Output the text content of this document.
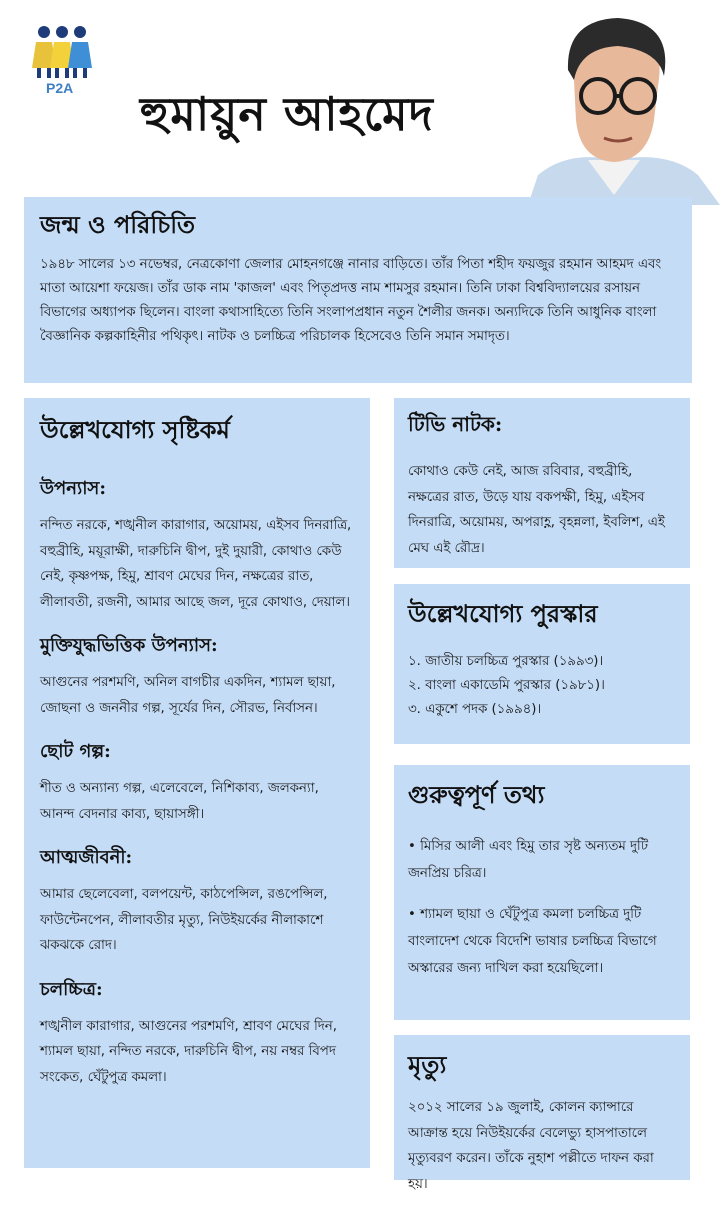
P2A হুমায়ুন আহমেদ
জন্ম ও পরিচিতি

১৯৪৮ সালের ১৩ নভেম্বর, নেত্রকোণা জেলার মোহনগঞ্জে নানার বাড়িতে। তাঁর পিতা শহীদ ফয়জুর রহমান আহমদ এবং মাতা আয়েশা ফয়েজ। তাঁর ডাক নাম 'কাজল' এবং পিতৃপ্রদত্ত নাম শামসুর রহমান। তিনি ঢাকা বিশ্ববিদ্যালয়ের রসায়ন বিভাগের অধ্যাপক ছিলেন। বাংলা কথাসাহিত্যে তিনি সংলাপপ্রধান নতুন শৈলীর জনক। অন্যদিকে তিনি আধুনিক বাংলা বৈজ্ঞানিক কল্পকাহিনীর পথিকৃৎ। নাটক ও চলচ্চিত্র পরিচালক হিসেবেও তিনি সমান সমাদৃত।

উল্লেখযোগ্য সৃষ্টিকর্ম
উপন্যাস:

নন্দিত নরকে, শঙ্খনীল কারাগার, অয়োময়, এইসব দিনরাত্রি, বহুব্রীহি, ময়ূরাক্ষী, দারুচিনি দ্বীপ, দুই দুয়ারী, কোথাও কেউ নেই, কৃষ্ণপক্ষ, হিমু, শ্রাবণ মেঘের দিন, নক্ষত্রের রাত, লীলাবতী, রজনী, আমার আছে জল, দূরে কোথাও, দেয়াল।

মুক্তিযুদ্ধভিত্তিক উপন্যাস:

আগুনের পরশমণি, অনিল বাগচীর একদিন, শ্যামল ছায়া, জোছনা ও জননীর গল্প, সূর্যের দিন, সৌরভ, নির্বাসন।

ছোট গল্প:

শীত ও অন্যান্য গল্প, এলেবেলে, নিশিকাব্য, জলকন্যা, আনন্দ বেদনার কাব্য, ছায়াসঙ্গী।

আত্মজীবনী:

আমার ছেলেবেলা, বলপয়েন্ট, কাঠপেন্সিল, রঙপেন্সিল, ফাউন্টেনপেন, লীলাবতীর মৃত্যু, নিউইয়র্কের নীলাকাশে ঝকঝকে রোদ।

চলচ্চিত্র:

শঙ্খনীল কারাগার, আগুনের পরশমণি, শ্রাবণ মেঘের দিন, শ্যামল ছায়া, নন্দিত নরকে, দারুচিনি দ্বীপ, নয় নম্বর বিপদ সংকেত, ঘেঁটুপুত্র কমলা।

টিভি নাটক:

কোথাও কেউ নেই, আজ রবিবার, বহুব্রীহি, নক্ষত্রের রাত, উড়ে যায় বকপক্ষী, হিমু, এইসব দিনরাত্রি, অয়োময়, অপরাহ্ণ, বৃহন্নলা, ইবলিশ, এই মেঘ এই রৌদ্র।

উল্লেখযোগ্য পুরস্কার
১. জাতীয় চলচ্চিত্র পুরস্কার (১৯৯৩)।
২. বাংলা একাডেমি পুরস্কার (১৯৮১)।
৩. একুশে পদক (১৯৯৪)।
গুরুত্বপূর্ণ তথ্য
• মিসির আলী এবং হিমু তার সৃষ্ট অন্যতম দুটি জনপ্রিয় চরিত্র।
• শ্যামল ছায়া ও ঘেঁটুপুত্র কমলা চলচ্চিত্র দুটি বাংলাদেশ থেকে বিদেশি ভাষার চলচ্চিত্র বিভাগে অস্কারের জন্য দাখিল করা হয়েছিলো।
মৃত্যু

২০১২ সালের ১৯ জুলাই, কোলন ক্যান্সারে আক্রান্ত হয়ে নিউইয়র্কের বেলেভ্যু হাসপাতালে মৃত্যুবরণ করেন। তাঁকে নুহাশ পল্লীতে দাফন করা হয়।
